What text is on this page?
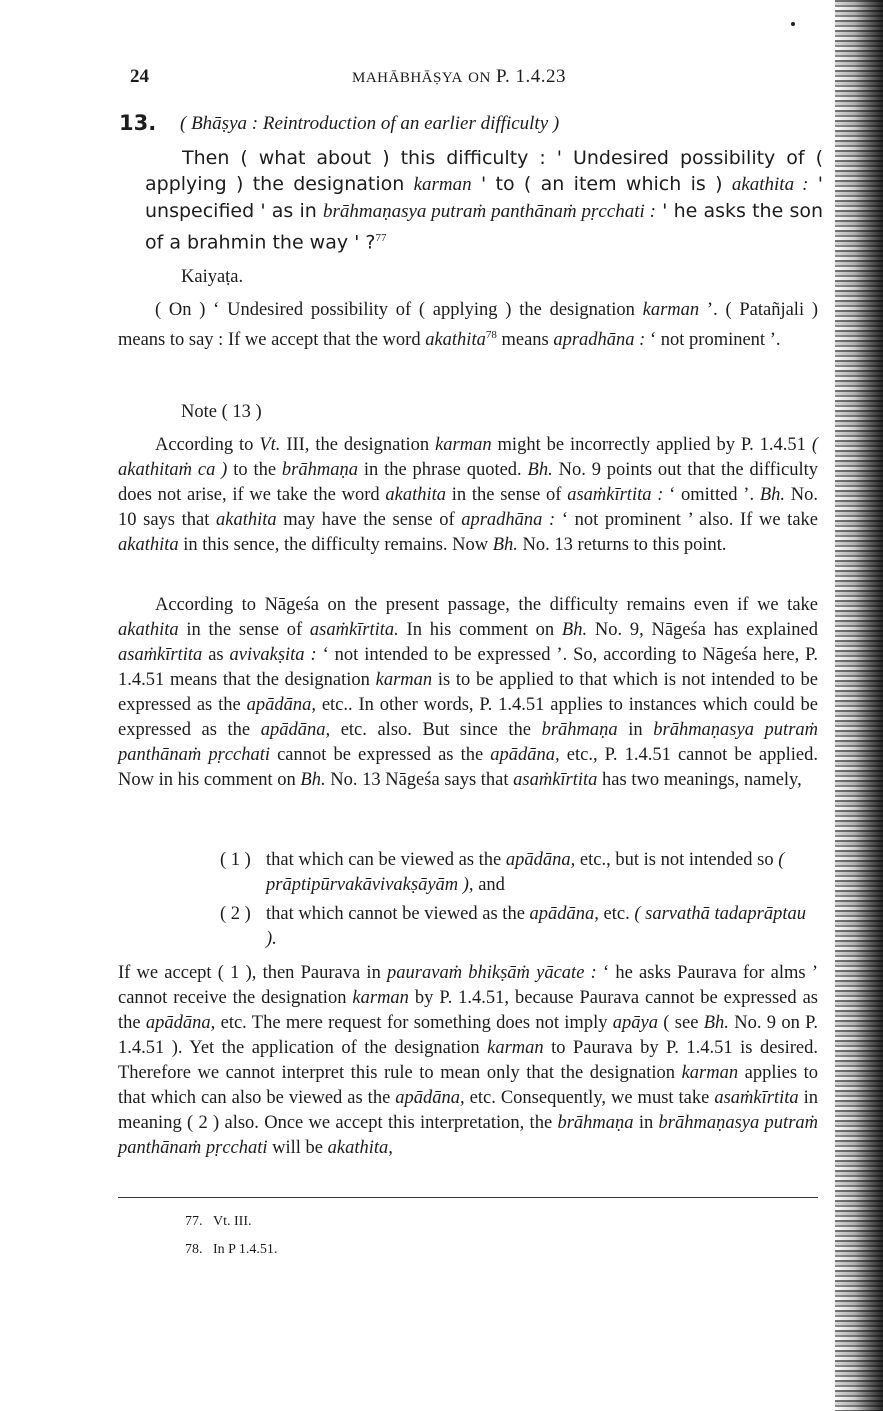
24	MAHĀBHĀṢYA ON P. 1.4.23
13. ( Bhāṣya : Reintroduction of an earlier difficulty )
Then ( what about ) this difficulty : ' Undesired possibility of ( applying ) the designation karman ' to ( an item which is ) akathita : ' unspecified ' as in brāhmaṇasya putraṁ panthānaṁ pṛcchati : ' he asks the son of a brahmin the way ' ?$^{77}$
Kaiyaṭa.
( On ) ‘ Undesired possibility of ( applying ) the designation karman ’. ( Patañjali ) means to say : If we accept that the word akathita$^{78}$ means apradhāna : ‘ not prominent ’.
Note ( 13 )
According to Vt. III, the designation karman might be incorrectly applied by P. 1.4.51 ( akathitaṁ ca ) to the brāhmaṇa in the phrase quoted. Bh. No. 9 points out that the difficulty does not arise, if we take the word akathita in the sense of asaṁkīrtita : ‘ omitted ’. Bh. No. 10 says that akathita may have the sense of apradhāna : ‘ not prominent ’ also. If we take akathita in this sence, the difficulty remains. Now Bh. No. 13 returns to this point.
According to Nāgeśa on the present passage, the difficulty remains even if we take akathita in the sense of asaṁkīrtita. In his comment on Bh. No. 9, Nāgeśa has explained asaṁkīrtita as avivakṣita : ‘ not intended to be expressed ’. So, according to Nāgeśa here, P. 1.4.51 means that the designation karman is to be applied to that which is not intended to be expressed as the apādāna, etc.. In other words, P. 1.4.51 applies to instances which could be expressed as the apādāna, etc. also. But since the brāhmaṇa in brāhmaṇasya putraṁ panthānaṁ pṛcchati cannot be expressed as the apādāna, etc., P. 1.4.51 cannot be applied. Now in his comment on Bh. No. 13 Nāgeśa says that asaṁkīrtita has two meanings, namely,
( 1 ) that which can be viewed as the apādāna, etc., but is not intended so ( prāptipūrvakāvivakṣāyām ), and
( 2 ) that which cannot be viewed as the apādāna, etc. ( sarvathā tadaprāptau ).
If we accept ( 1 ), then Paurava in pauravaṁ bhikṣāṁ yācate : ‘ he asks Paurava for alms ’ cannot receive the designation karman by P. 1.4.51, because Paurava cannot be expressed as the apādāna, etc. The mere request for something does not imply apāya ( see Bh. No. 9 on P. 1.4.51 ). Yet the application of the designation karman to Paurava by P. 1.4.51 is desired. Therefore we cannot interpret this rule to mean only that the designation karman applies to that which can also be viewed as the apādāna, etc. Consequently, we must take asaṁkīrtita in meaning ( 2 ) also. Once we accept this interpretation, the brāhmaṇa in brāhmaṇasya putraṁ panthānaṁ pṛcchati will be akathita,
77. Vt. III.
78. In P 1.4.51.
